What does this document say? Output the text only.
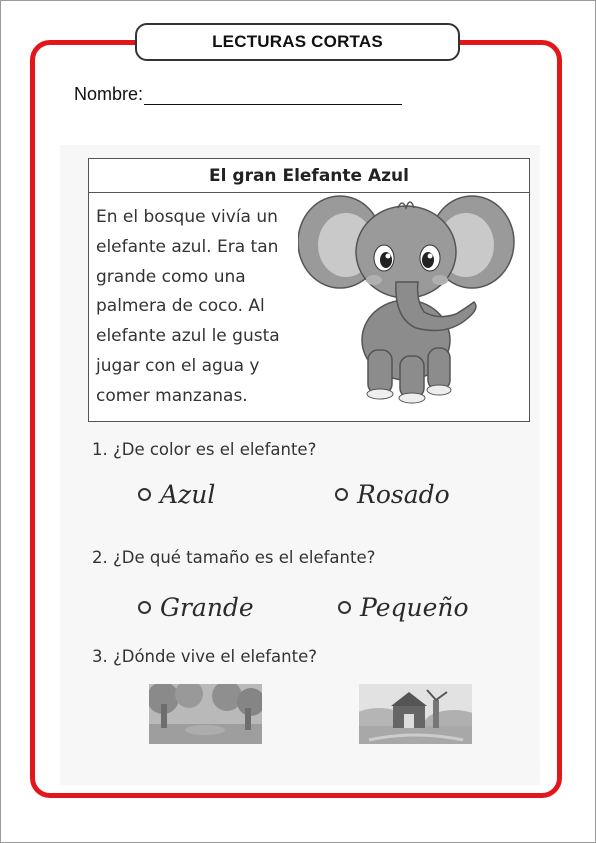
LECTURAS CORTAS
Nombre:
El gran Elefante Azul
En el bosque vivía un
elefante azul. Era tan
grande como una
palmera de coco. Al
elefante azul le gusta
jugar con el agua y
comer manzanas.
1. ¿De color es el elefante?
Azul	Rosado
2. ¿De qué tamaño es el elefante?
Grande	Pequeño
3. ¿Dónde vive el elefante?
